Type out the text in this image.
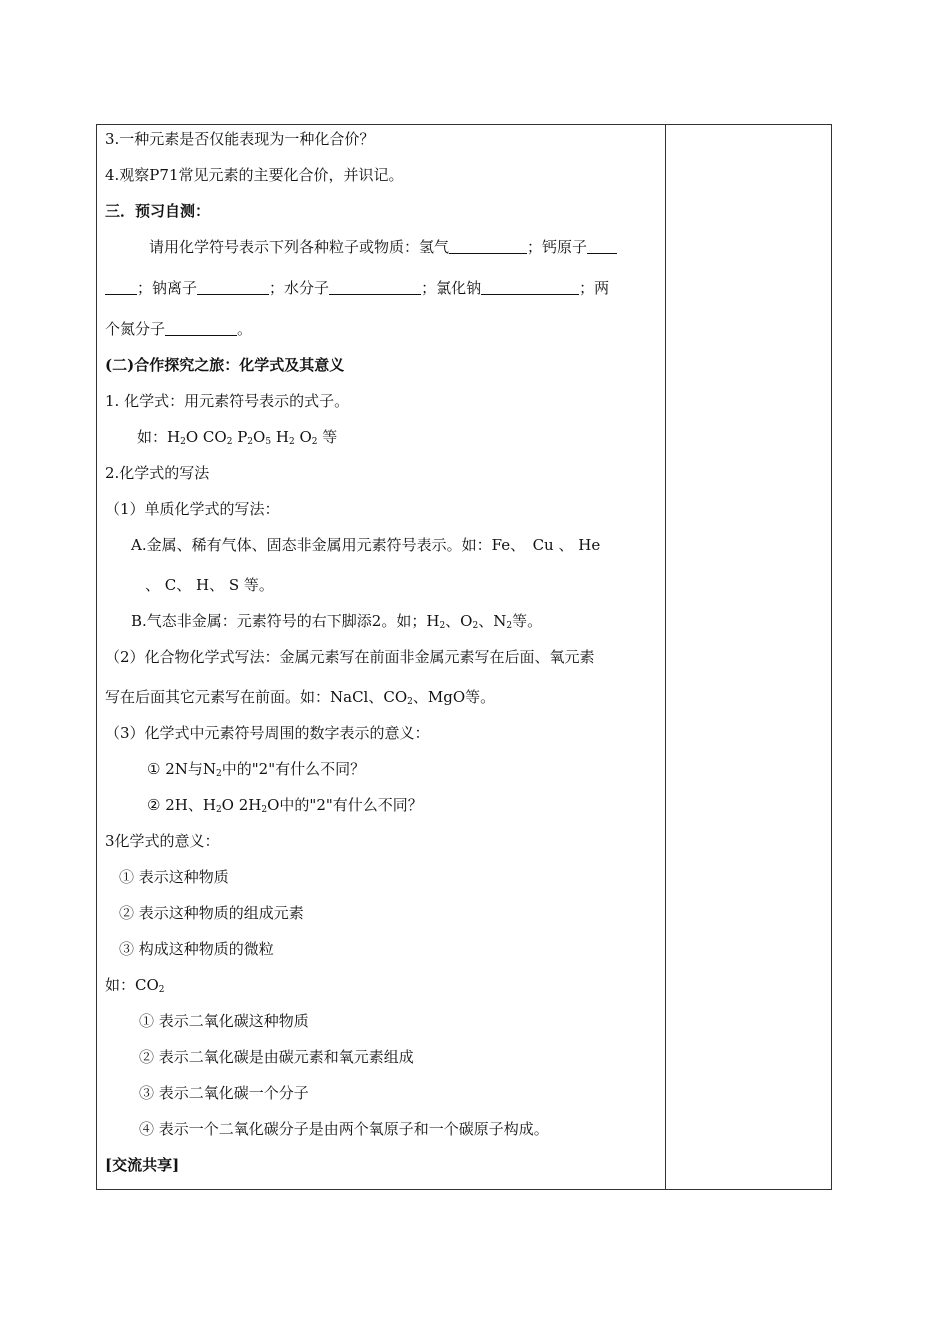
3.一种元素是否仅能表现为一种化合价？
4.观察P71常见元素的主要化合价，并识记。
三．预习自测：
请用化学符号表示下列各种粒子或物质：氢气	；钙原子
；钠离子	；水分子	；氯化钠	；两
个氮分子	。
(二)合作探究之旅：化学式及其意义
1. 化学式：用元素符号表示的式子。
如：$H_2O$ $CO_2$ $P_2O_5$ $H_2$ $O_2$ 等
2.化学式的写法
（1）单质化学式的写法：
A.金属、稀有气体、固态非金属用元素符号表示。如：Fe、　Cu 、 He
、 C、 H、 S 等。
B.气态非金属：元素符号的右下脚添2。如；$H_2$、$O_2$、$N_2$等。
（2）化合物化学式写法：金属元素写在前面非金属元素写在后面、氧元素
写在后面其它元素写在前面。如：NaCl、$CO_2$、MgO等。
（3）化学式中元素符号周围的数字表示的意义：
① 2N与$N_2$中的"2"有什么不同？
② 2H、$H_2O$ $2H_2O$中的"2"有什么不同？
3化学式的意义：
① 表示这种物质
② 表示这种物质的组成元素
③ 构成这种物质的微粒
如：$CO_2$
① 表示二氧化碳这种物质
② 表示二氧化碳是由碳元素和氧元素组成
③ 表示二氧化碳一个分子
④ 表示一个二氧化碳分子是由两个氧原子和一个碳原子构成。
[交流共享]
